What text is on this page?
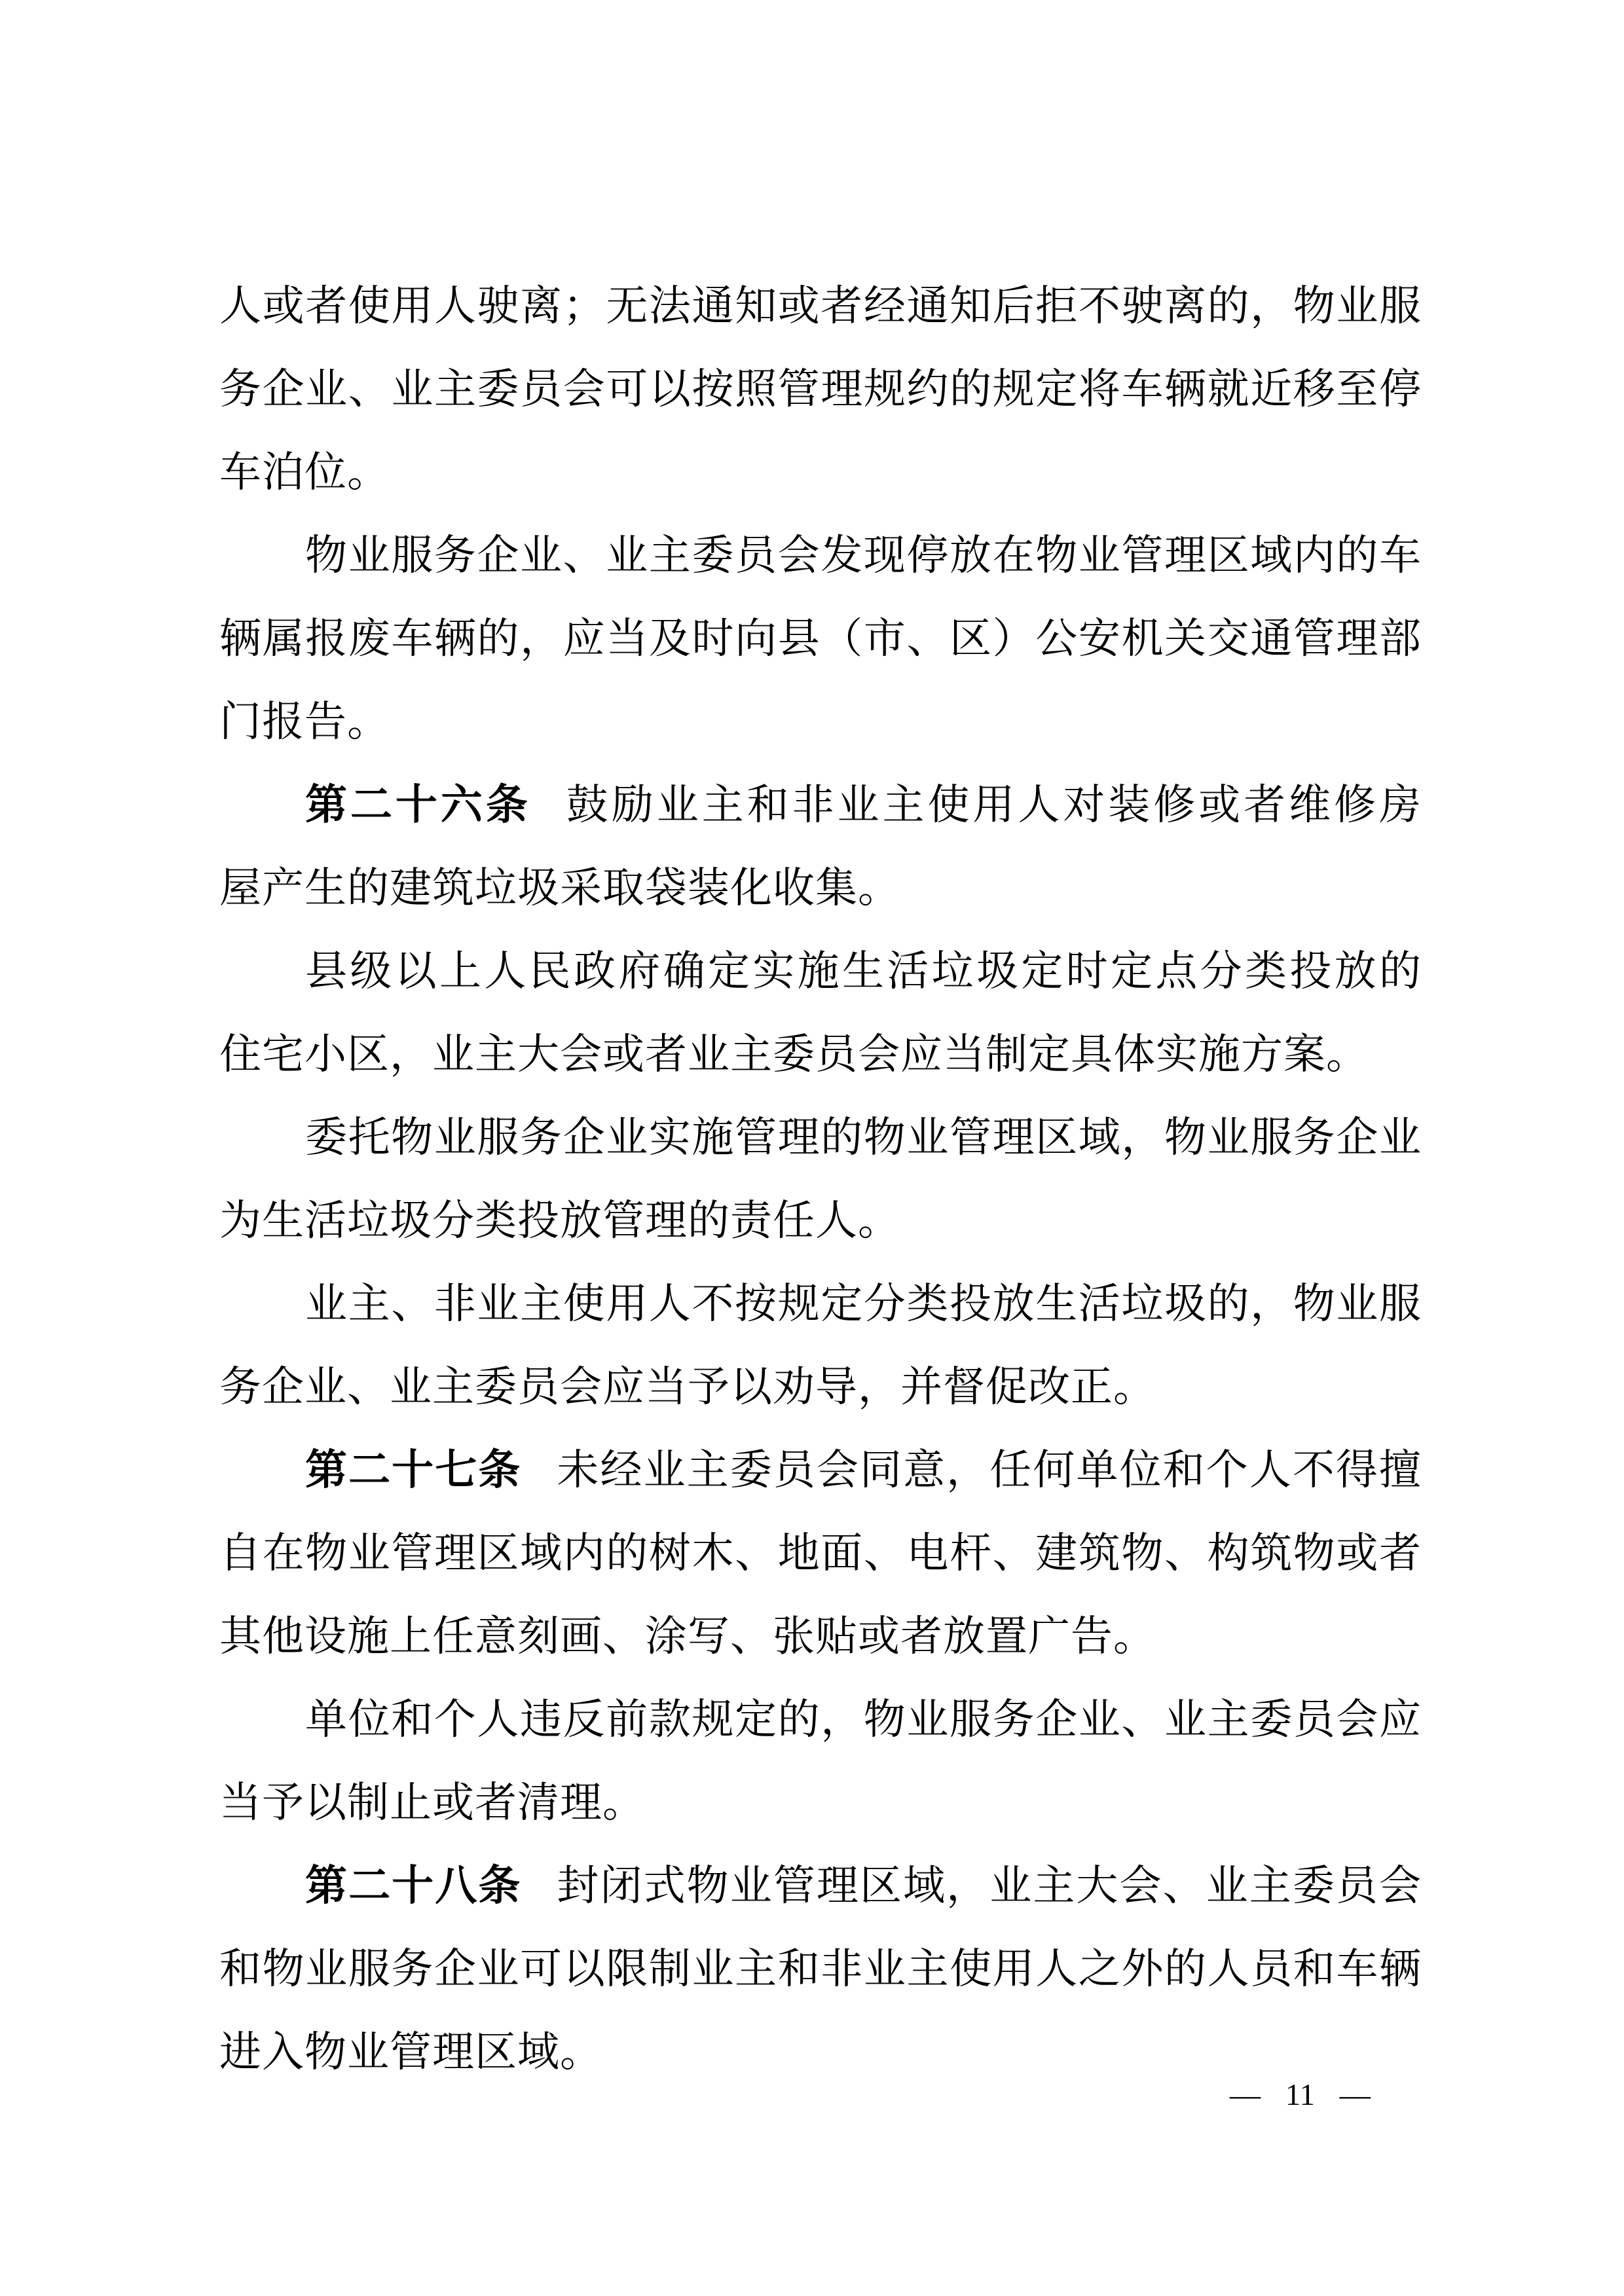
人或者使用人驶离；无法通知或者经通知后拒不驶离的，物业服
务企业、业主委员会可以按照管理规约的规定将车辆就近移至停
车泊位。
物业服务企业、业主委员会发现停放在物业管理区域内的车
辆属报废车辆的，应当及时向县（市、区）公安机关交通管理部
门报告。
第二十六条 鼓励业主和非业主使用人对装修或者维修房
屋产生的建筑垃圾采取袋装化收集。
县级以上人民政府确定实施生活垃圾定时定点分类投放的
住宅小区，业主大会或者业主委员会应当制定具体实施方案。
委托物业服务企业实施管理的物业管理区域，物业服务企业
为生活垃圾分类投放管理的责任人。
业主、非业主使用人不按规定分类投放生活垃圾的，物业服
务企业、业主委员会应当予以劝导，并督促改正。
第二十七条 未经业主委员会同意，任何单位和个人不得擅
自在物业管理区域内的树木、地面、电杆、建筑物、构筑物或者
其他设施上任意刻画、涂写、张贴或者放置广告。
单位和个人违反前款规定的，物业服务企业、业主委员会应
当予以制止或者清理。
第二十八条 封闭式物业管理区域，业主大会、业主委员会
和物业服务企业可以限制业主和非业主使用人之外的人员和车辆
进入物业管理区域。
— 11 —
